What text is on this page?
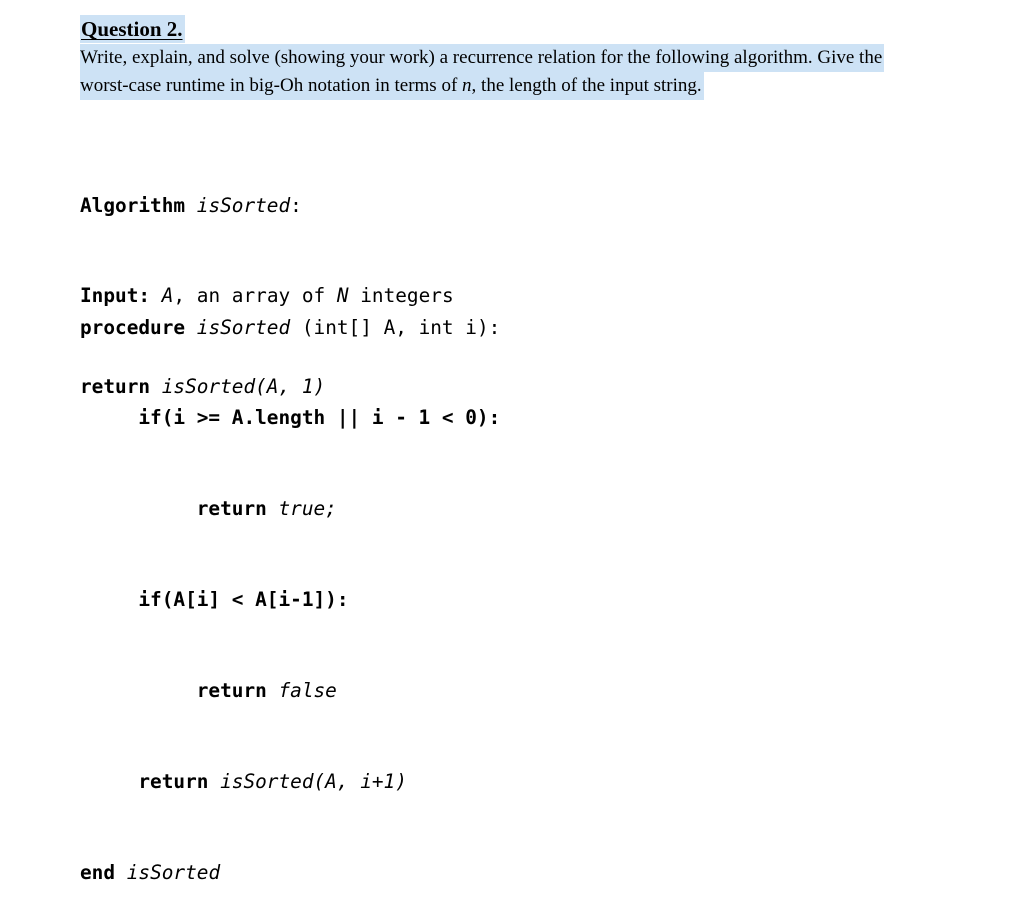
Question 2.
Write, explain, and solve (showing your work) a recurrence relation for the following algorithm. Give the
worst-case runtime in big-Oh notation in terms of n, the length of the input string.

Algorithm isSorted:

Input: A, an array of N integers

return isSorted(A, 1)

procedure isSorted (int[] A, int i):

if(i >= A.length || i - 1 < 0):

return true;

if(A[i] < A[i-1]):

return false

return isSorted(A, i+1)

end isSorted
